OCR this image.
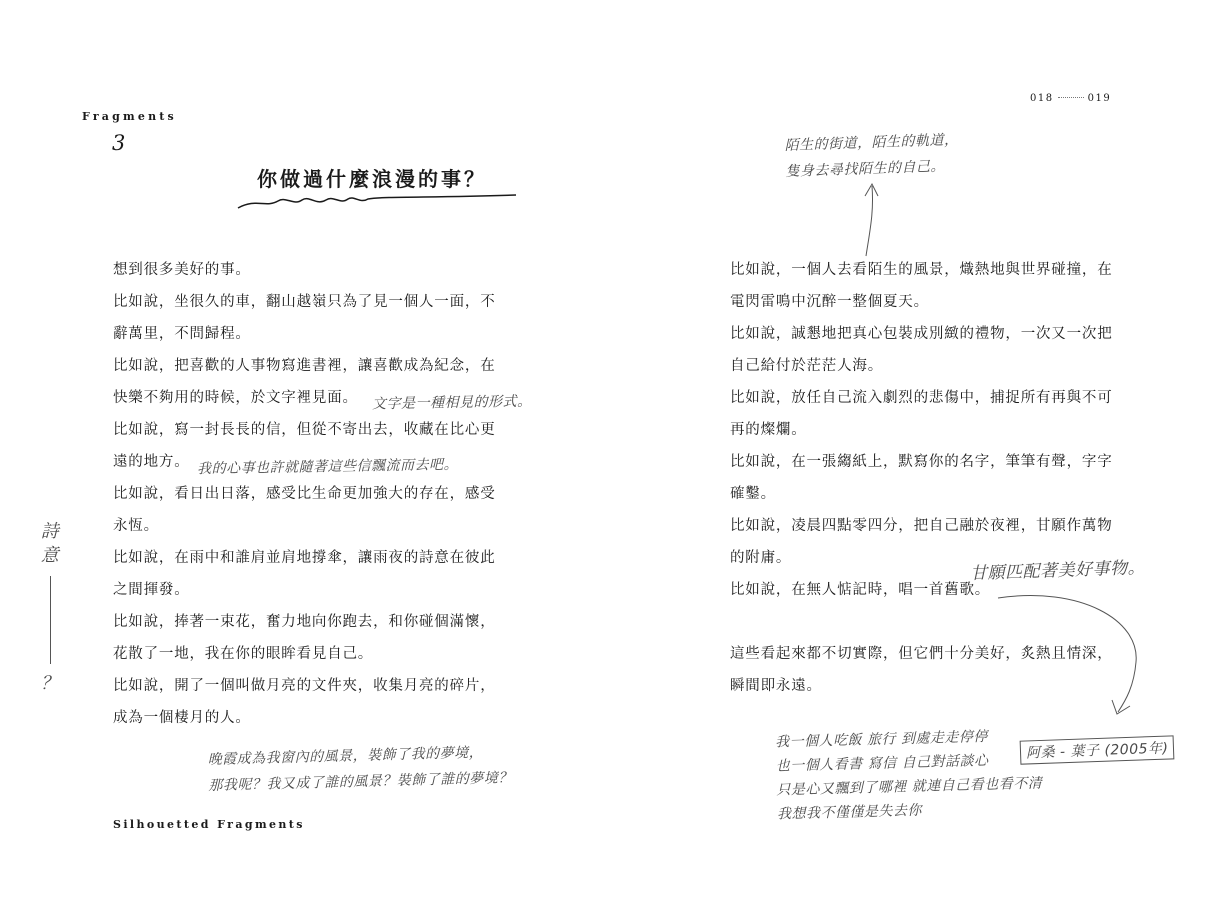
Fragments
3
你做過什麼浪漫的事？
018	019

想到很多美好的事。

比如說，坐很久的車，翻山越嶺只為了見一個人一面，不

辭萬里，不問歸程。

比如說，把喜歡的人事物寫進書裡，讓喜歡成為紀念，在

快樂不夠用的時候，於文字裡見面。

比如說，寫一封長長的信，但從不寄出去，收藏在比心更

遠的地方。

比如說，看日出日落，感受比生命更加強大的存在，感受

永恆。

比如說，在雨中和誰肩並肩地撐傘，讓雨夜的詩意在彼此

之間揮發。

比如說，捧著一束花，奮力地向你跑去，和你碰個滿懷，

花散了一地，我在你的眼眸看見自己。

比如說，開了一個叫做月亮的文件夾，收集月亮的碎片，

成為一個棲月的人。

比如說，一個人去看陌生的風景，熾熱地與世界碰撞，在

電閃雷鳴中沉醉一整個夏天。

比如說，誠懇地把真心包裝成別緻的禮物，一次又一次把

自己給付於茫茫人海。

比如說，放任自己流入劇烈的悲傷中，捕捉所有再與不可

再的燦爛。

比如說，在一張縐紙上，默寫你的名字，筆筆有聲，字字

確鑿。

比如說，凌晨四點零四分，把自己融於夜裡，甘願作萬物

的附庸。

比如說，在無人惦記時，唱一首舊歌。

這些看起來都不切實際，但它們十分美好，炙熱且情深，

瞬間即永遠。

Silhouetted Fragments
陌生的街道，陌生的軌道，
隻身去尋找陌生的自己。
文字是一種相見的形式。
我的心事也許就隨著這些信飄流而去吧。
晚霞成為我窗內的風景，裝飾了我的夢境，
那我呢？我又成了誰的風景？裝飾了誰的夢境？
詩
意
？
甘願匹配著美好事物。
我一個人吃飯 旅行 到處走走停停
也一個人看書 寫信 自己對話談心
只是心又飄到了哪裡 就連自己看也看不清
我想我不僅僅是失去你
阿桑 - 葉子 (2005年)
